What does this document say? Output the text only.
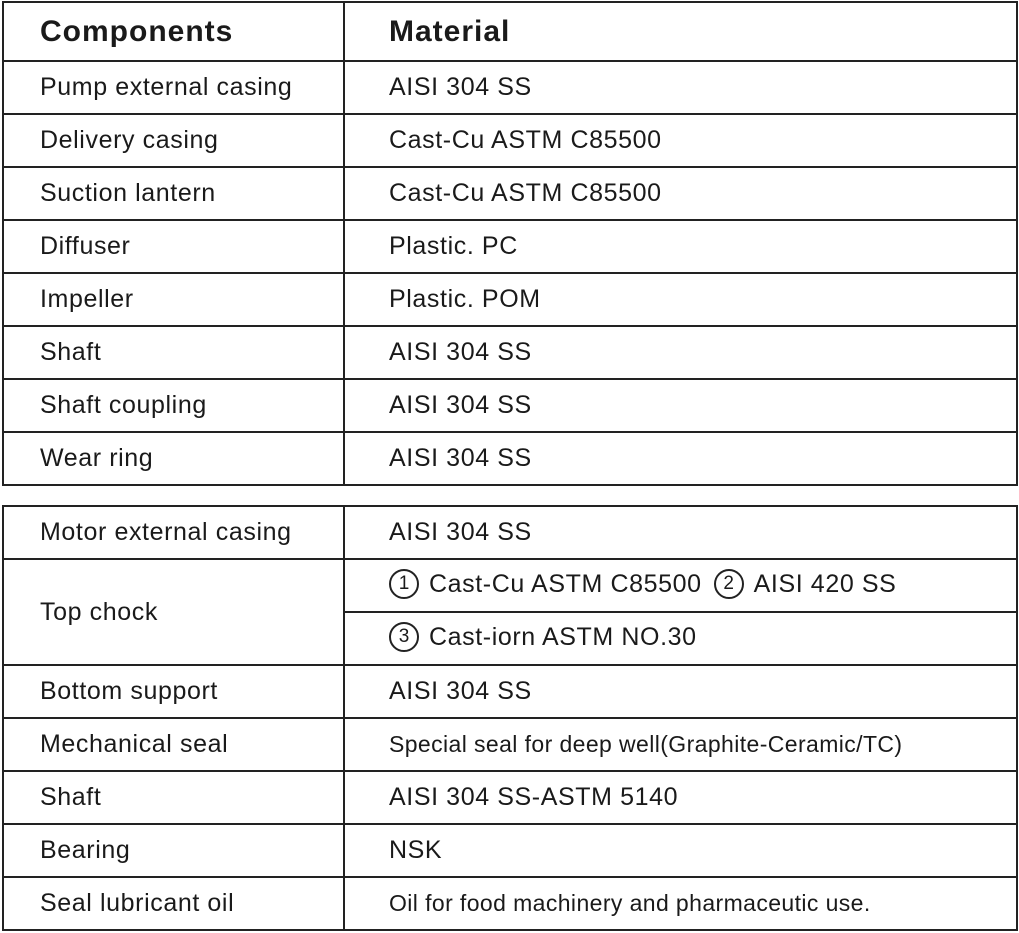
Components	Material
Pump external casing	AISI 304 SS
Delivery casing	Cast-Cu ASTM C85500
Suction lantern	Cast-Cu ASTM C85500
Diffuser	Plastic. PC
Impeller	Plastic. POM
Shaft	AISI 304 SS
Shaft coupling	AISI 304 SS
Wear ring	AISI 304 SS
Motor external casing	AISI 304 SS
Top chock	1 Cast-Cu ASTM C85500 2 AISI 420 SS
	3 Cast-iorn ASTM NO.30
Bottom support	AISI 304 SS
Mechanical seal	Special seal for deep well(Graphite-Ceramic/TC)
Shaft	AISI 304 SS-ASTM 5140
Bearing	NSK
Seal lubricant oil	Oil for food machinery and pharmaceutic use.
